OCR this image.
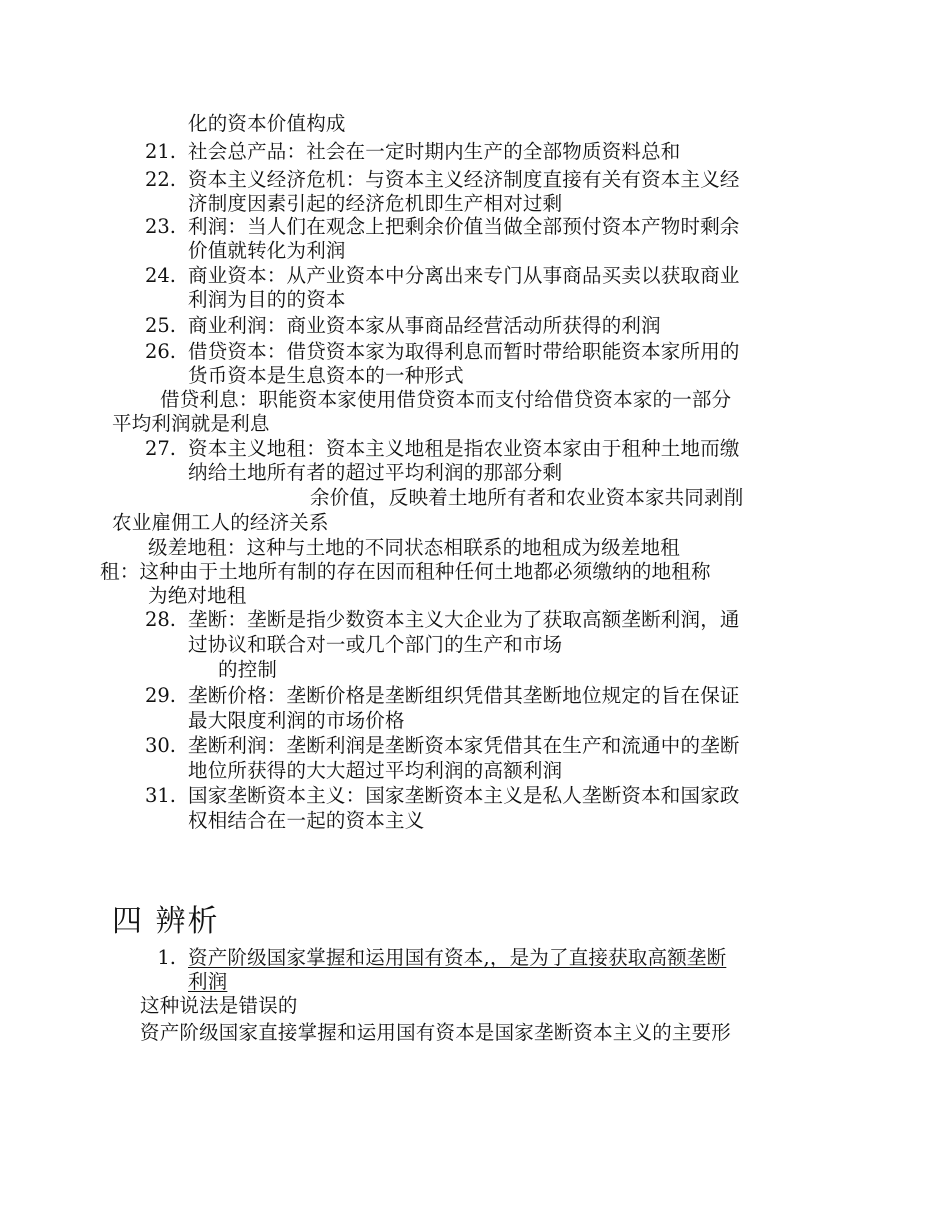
化的资本价值构成
21. 社会总产品：社会在一定时期内生产的全部物质资料总和
22. 资本主义经济危机：与资本主义经济制度直接有关有资本主义经
济制度因素引起的经济危机即生产相对过剩
23. 利润：当人们在观念上把剩余价值当做全部预付资本产物时剩余
价值就转化为利润
24. 商业资本：从产业资本中分离出来专门从事商品买卖以获取商业
利润为目的的资本
25. 商业利润：商业资本家从事商品经营活动所获得的利润
26. 借贷资本：借贷资本家为取得利息而暂时带给职能资本家所用的
货币资本是生息资本的一种形式
借贷利息：职能资本家使用借贷资本而支付给借贷资本家的一部分
平均利润就是利息
27. 资本主义地租：资本主义地租是指农业资本家由于租种土地而缴
纳给土地所有者的超过平均利润的那部分剩
余价值，反映着土地所有者和农业资本家共同剥削
农业雇佣工人的经济关系
级差地租：这种与土地的不同状态相联系的地租成为级差地租
租：这种由于土地所有制的存在因而租种任何土地都必须缴纳的地租称
为绝对地租
28. 垄断：垄断是指少数资本主义大企业为了获取高额垄断利润，通
过协议和联合对一或几个部门的生产和市场
的控制
29. 垄断价格：垄断价格是垄断组织凭借其垄断地位规定的旨在保证
最大限度利润的市场价格
30. 垄断利润：垄断利润是垄断资本家凭借其在生产和流通中的垄断
地位所获得的大大超过平均利润的高额利润
31. 国家垄断资本主义：国家垄断资本主义是私人垄断资本和国家政
权相结合在一起的资本主义
四 辨析
1. 资产阶级国家掌握和运用国有资本,，是为了直接获取高额垄断
利润
这种说法是错误的
资产阶级国家直接掌握和运用国有资本是国家垄断资本主义的主要形
